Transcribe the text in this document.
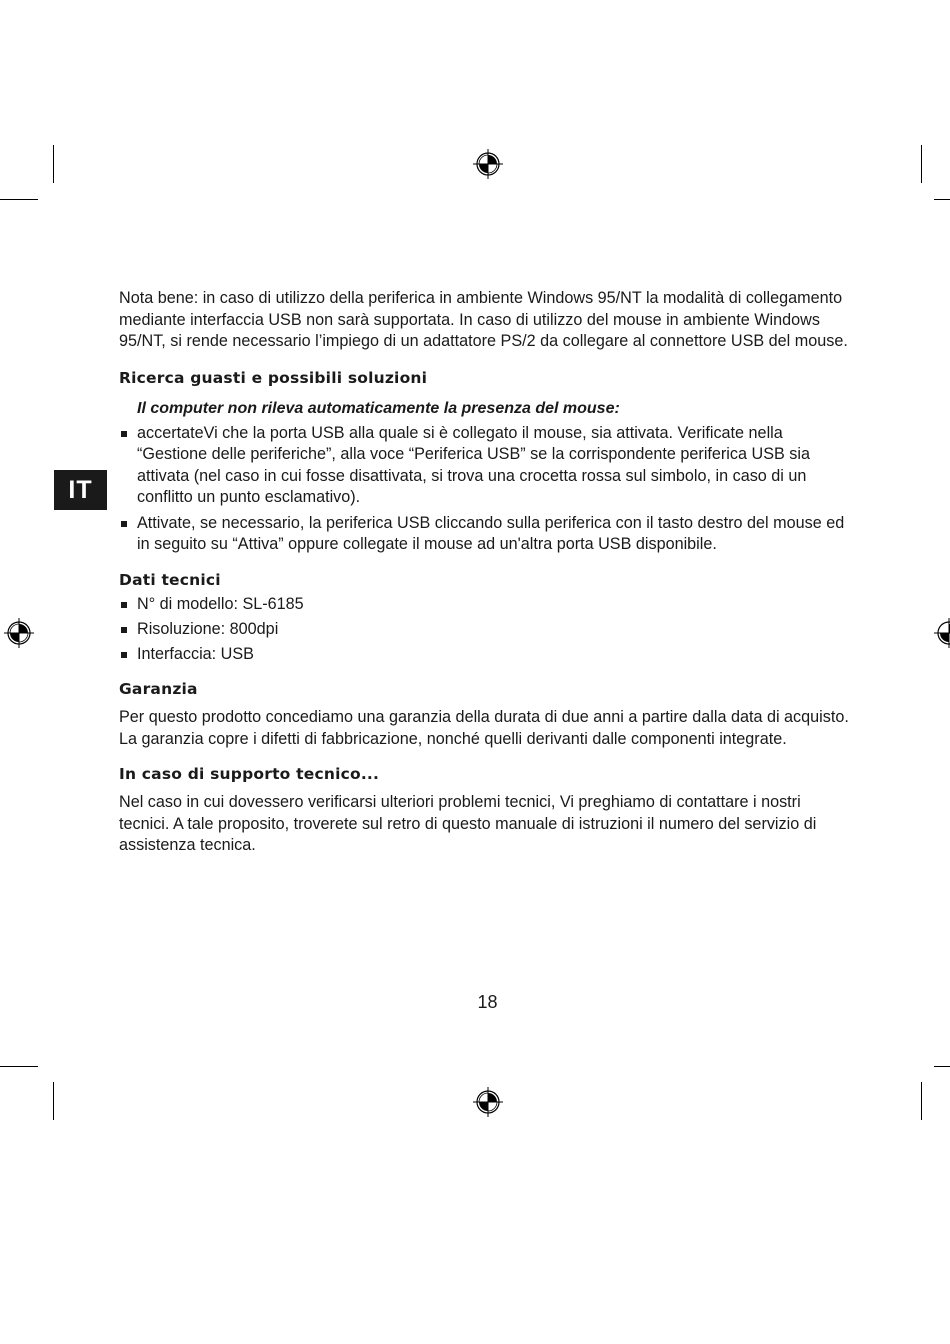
IT

Nota bene: in caso di utilizzo della periferica in ambiente Windows 95/NT la modalità di collegamento mediante interfaccia USB non sarà supportata. In caso di utilizzo del mouse in ambiente Windows 95/NT, si rende necessario l’impiego di un adattatore PS/2 da collegare al connettore USB del mouse.

Ricerca guasti e possibili soluzioni
Il computer non rileva automaticamente la presenza del mouse:
accertateVi che la porta USB alla quale si è collegato il mouse, sia attivata. Verificate nella “Gestione delle periferiche”, alla voce “Periferica USB” se la corrispondente periferica USB sia attivata (nel caso in cui fosse disattivata, si trova una crocetta rossa sul simbolo, in caso di un conflitto un punto esclamativo).
Attivate, se necessario, la periferica USB cliccando sulla periferica con il tasto destro del mouse ed in seguito su “Attiva” oppure collegate il mouse ad un'altra porta USB disponibile.
Dati tecnici
N° di modello: SL-6185
Risoluzione: 800dpi
Interfaccia: USB
Garanzia

Per questo prodotto concediamo una garanzia della durata di due anni a partire dalla data di acquisto. La garanzia copre i difetti di fabbricazione, nonché quelli derivanti dalle componenti integrate.

In caso di supporto tecnico...

Nel caso in cui dovessero verificarsi ulteriori problemi tecnici, Vi preghiamo di contattare i nostri tecnici. A tale proposito, troverete sul retro di questo manuale di istruzioni il numero del servizio di assistenza tecnica.

18
